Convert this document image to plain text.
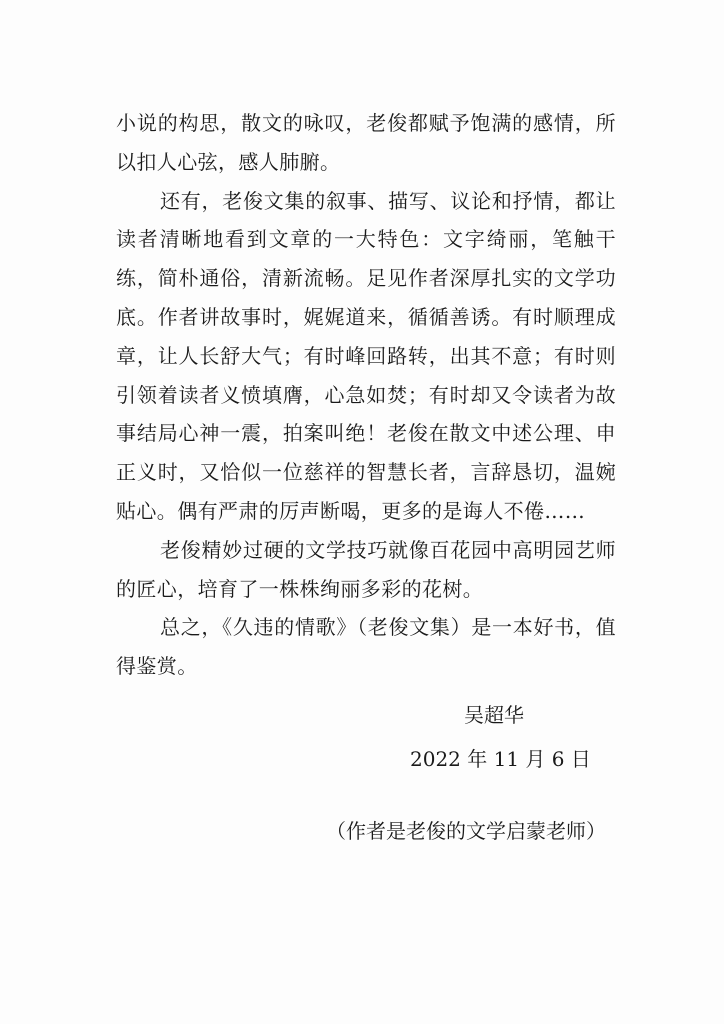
小说的构思，散文的咏叹，老俊都赋予饱满的感情，所以扣人心弦，感人肺腑。

还有，老俊文集的叙事、描写、议论和抒情，都让读者清晰地看到文章的一大特色：文字绮丽，笔触干练，简朴通俗，清新流畅。足见作者深厚扎实的文学功底。作者讲故事时，娓娓道来，循循善诱。有时顺理成章，让人长舒大气；有时峰回路转，出其不意；有时则引领着读者义愤填膺，心急如焚；有时却又令读者为故事结局心神一震，拍案叫绝！老俊在散文中述公理、申正义时，又恰似一位慈祥的智慧长者，言辞恳切，温婉贴心。偶有严肃的厉声断喝，更多的是诲人不倦……

老俊精妙过硬的文学技巧就像百花园中高明园艺师的匠心，培育了一株株绚丽多彩的花树。

总之，《久违的情歌》（老俊文集）是一本好书，值得鉴赏。

吴超华
2022 年 11 月 6 日
（作者是老俊的文学启蒙老师）
